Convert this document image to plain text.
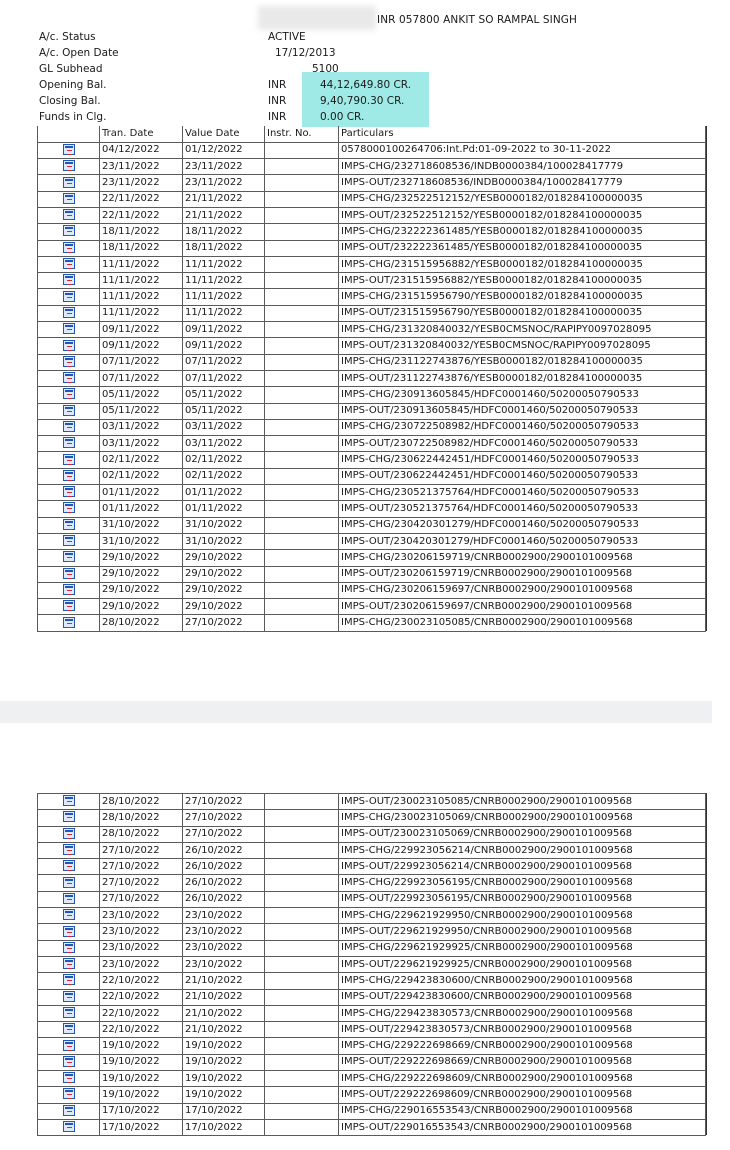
INR 057800 ANKIT SO RAMPAL SINGH
A/c. Status	ACTIVE
A/c. Open Date	17/12/2013
GL Subhead	5100
Opening Bal.	INR	44,12,649.80 CR.
Closing Bal.	INR	9,40,790.30 CR.
Funds in Clg.	INR	0.00 CR.
	Tran. Date	Value Date	Instr. No.	Particulars
	04/12/2022	01/12/2022		0578000100264706:Int.Pd:01-09-2022 to 30-11-2022
	23/11/2022	23/11/2022		IMPS-CHG/232718608536/INDB0000384/100028417779
	23/11/2022	23/11/2022		IMPS-OUT/232718608536/INDB0000384/100028417779
	22/11/2022	21/11/2022		IMPS-CHG/232522512152/YESB0000182/018284100000035
	22/11/2022	21/11/2022		IMPS-OUT/232522512152/YESB0000182/018284100000035
	18/11/2022	18/11/2022		IMPS-CHG/232222361485/YESB0000182/018284100000035
	18/11/2022	18/11/2022		IMPS-OUT/232222361485/YESB0000182/018284100000035
	11/11/2022	11/11/2022		IMPS-CHG/231515956882/YESB0000182/018284100000035
	11/11/2022	11/11/2022		IMPS-OUT/231515956882/YESB0000182/018284100000035
	11/11/2022	11/11/2022		IMPS-CHG/231515956790/YESB0000182/018284100000035
	11/11/2022	11/11/2022		IMPS-OUT/231515956790/YESB0000182/018284100000035
	09/11/2022	09/11/2022		IMPS-CHG/231320840032/YESB0CMSNOC/RAPIPY0097028095
	09/11/2022	09/11/2022		IMPS-OUT/231320840032/YESB0CMSNOC/RAPIPY0097028095
	07/11/2022	07/11/2022		IMPS-CHG/231122743876/YESB0000182/018284100000035
	07/11/2022	07/11/2022		IMPS-OUT/231122743876/YESB0000182/018284100000035
	05/11/2022	05/11/2022		IMPS-CHG/230913605845/HDFC0001460/50200050790533
	05/11/2022	05/11/2022		IMPS-OUT/230913605845/HDFC0001460/50200050790533
	03/11/2022	03/11/2022		IMPS-CHG/230722508982/HDFC0001460/50200050790533
	03/11/2022	03/11/2022		IMPS-OUT/230722508982/HDFC0001460/50200050790533
	02/11/2022	02/11/2022		IMPS-CHG/230622442451/HDFC0001460/50200050790533
	02/11/2022	02/11/2022		IMPS-OUT/230622442451/HDFC0001460/50200050790533
	01/11/2022	01/11/2022		IMPS-CHG/230521375764/HDFC0001460/50200050790533
	01/11/2022	01/11/2022		IMPS-OUT/230521375764/HDFC0001460/50200050790533
	31/10/2022	31/10/2022		IMPS-CHG/230420301279/HDFC0001460/50200050790533
	31/10/2022	31/10/2022		IMPS-OUT/230420301279/HDFC0001460/50200050790533
	29/10/2022	29/10/2022		IMPS-CHG/230206159719/CNRB0002900/2900101009568
	29/10/2022	29/10/2022		IMPS-OUT/230206159719/CNRB0002900/2900101009568
	29/10/2022	29/10/2022		IMPS-CHG/230206159697/CNRB0002900/2900101009568
	29/10/2022	29/10/2022		IMPS-OUT/230206159697/CNRB0002900/2900101009568
	28/10/2022	27/10/2022		IMPS-CHG/230023105085/CNRB0002900/2900101009568
	28/10/2022	27/10/2022		IMPS-OUT/230023105085/CNRB0002900/2900101009568
	28/10/2022	27/10/2022		IMPS-CHG/230023105069/CNRB0002900/2900101009568
	28/10/2022	27/10/2022		IMPS-OUT/230023105069/CNRB0002900/2900101009568
	27/10/2022	26/10/2022		IMPS-CHG/229923056214/CNRB0002900/2900101009568
	27/10/2022	26/10/2022		IMPS-OUT/229923056214/CNRB0002900/2900101009568
	27/10/2022	26/10/2022		IMPS-CHG/229923056195/CNRB0002900/2900101009568
	27/10/2022	26/10/2022		IMPS-OUT/229923056195/CNRB0002900/2900101009568
	23/10/2022	23/10/2022		IMPS-CHG/229621929950/CNRB0002900/2900101009568
	23/10/2022	23/10/2022		IMPS-OUT/229621929950/CNRB0002900/2900101009568
	23/10/2022	23/10/2022		IMPS-CHG/229621929925/CNRB0002900/2900101009568
	23/10/2022	23/10/2022		IMPS-OUT/229621929925/CNRB0002900/2900101009568
	22/10/2022	21/10/2022		IMPS-CHG/229423830600/CNRB0002900/2900101009568
	22/10/2022	21/10/2022		IMPS-OUT/229423830600/CNRB0002900/2900101009568
	22/10/2022	21/10/2022		IMPS-CHG/229423830573/CNRB0002900/2900101009568
	22/10/2022	21/10/2022		IMPS-OUT/229423830573/CNRB0002900/2900101009568
	19/10/2022	19/10/2022		IMPS-CHG/229222698669/CNRB0002900/2900101009568
	19/10/2022	19/10/2022		IMPS-OUT/229222698669/CNRB0002900/2900101009568
	19/10/2022	19/10/2022		IMPS-CHG/229222698609/CNRB0002900/2900101009568
	19/10/2022	19/10/2022		IMPS-OUT/229222698609/CNRB0002900/2900101009568
	17/10/2022	17/10/2022		IMPS-CHG/229016553543/CNRB0002900/2900101009568
	17/10/2022	17/10/2022		IMPS-OUT/229016553543/CNRB0002900/2900101009568
